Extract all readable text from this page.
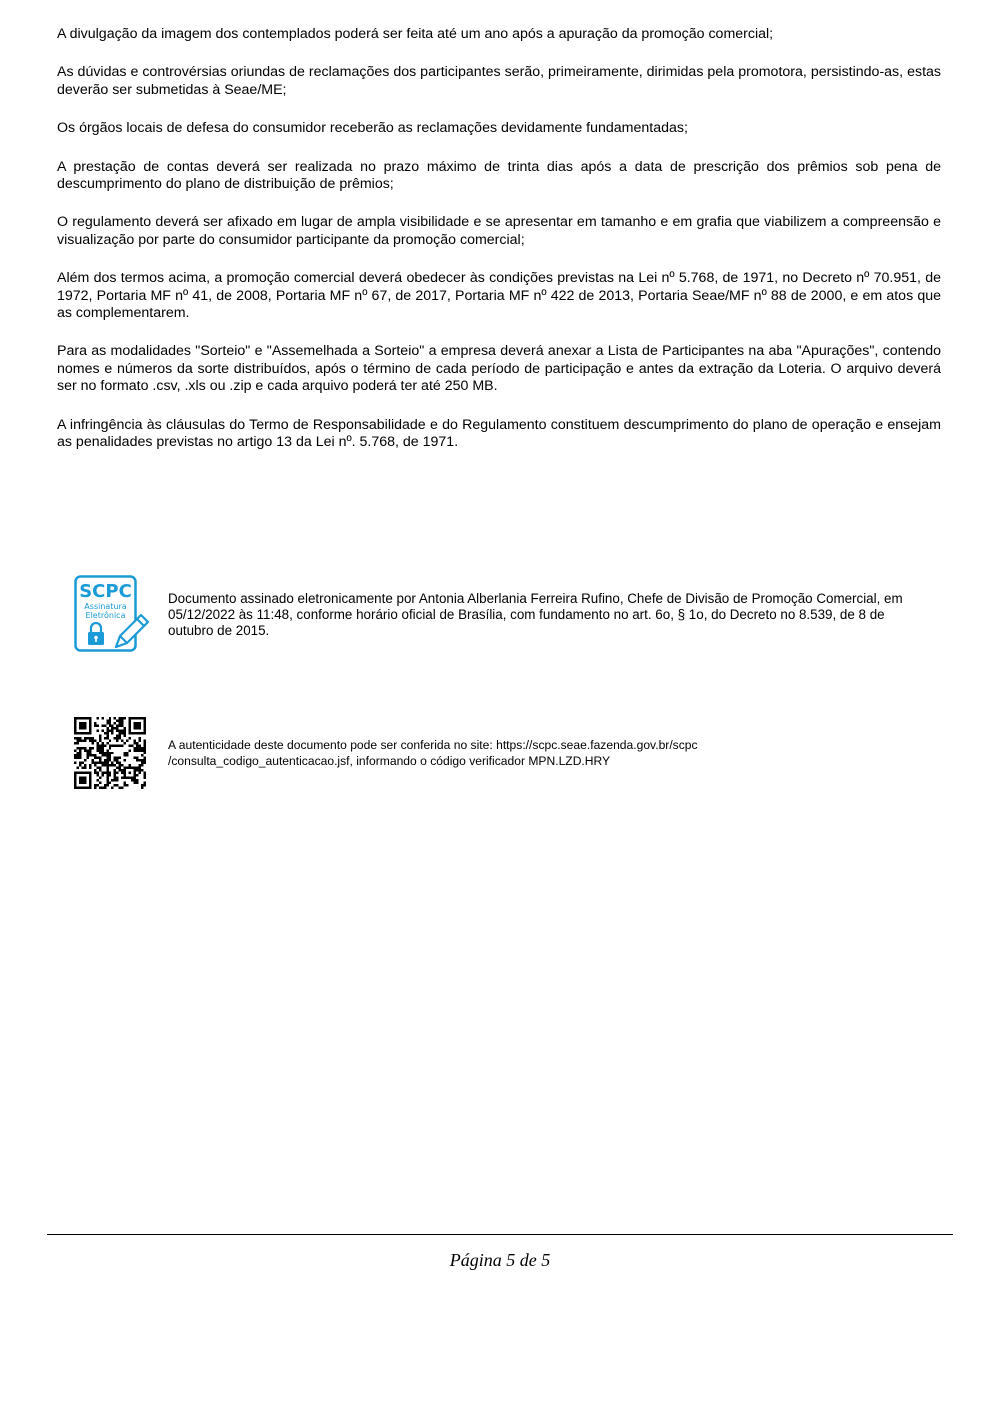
A divulgação da imagem dos contemplados poderá ser feita até um ano após a apuração da promoção comercial;

As dúvidas e controvérsias oriundas de reclamações dos participantes serão, primeiramente, dirimidas pela promotora, persistindo-as, estas deverão ser submetidas à Seae/ME;

Os órgãos locais de defesa do consumidor receberão as reclamações devidamente fundamentadas;

A prestação de contas deverá ser realizada no prazo máximo de trinta dias após a data de prescrição dos prêmios sob pena de descumprimento do plano de distribuição de prêmios;

O regulamento deverá ser afixado em lugar de ampla visibilidade e se apresentar em tamanho e em grafia que viabilizem a compreensão e visualização por parte do consumidor participante da promoção comercial;

Além dos termos acima, a promoção comercial deverá obedecer às condições previstas na Lei nº 5.768, de 1971, no Decreto nº 70.951, de 1972, Portaria MF nº 41, de 2008, Portaria MF nº 67, de 2017, Portaria MF nº 422 de 2013, Portaria Seae/MF nº 88 de 2000, e em atos que as complementarem.

Para as modalidades "Sorteio" e "Assemelhada a Sorteio" a empresa deverá anexar a Lista de Participantes na aba "Apurações", contendo nomes e números da sorte distribuídos, após o término de cada período de participação e antes da extração da Loteria. O arquivo deverá ser no formato .csv, .xls ou .zip e cada arquivo poderá ter até 250 MB.

A infringência às cláusulas do Termo de Responsabilidade e do Regulamento constituem descumprimento do plano de operação e ensejam as penalidades previstas no artigo 13 da Lei nº. 5.768, de 1971.

SCPC
Assinatura
Eletrônica
Documento assinado eletronicamente por Antonia Alberlania Ferreira Rufino, Chefe de Divisão de Promoção Comercial, em 05/12/2022 às 11:48, conforme horário oficial de Brasília, com fundamento no art. 6o, § 1o, do Decreto no 8.539, de 8 de outubro de 2015.
A autenticidade deste documento pode ser conferida no site: https://scpc.seae.fazenda.gov.br/scpc
/consulta_codigo_autenticacao.jsf, informando o código verificador MPN.LZD.HRY
Página 5 de 5
